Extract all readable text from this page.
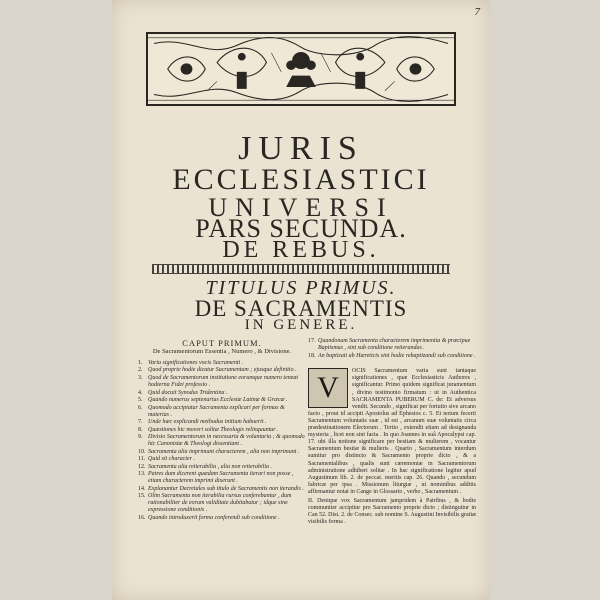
7
JURIS
ECCLESIASTICI
UNIVERSI
PARS SECUNDA.
DE REBUS.
TITULUS PRIMUS.
DE SACRAMENTIS
IN GENERE.
CAPUT PRIMUM.
De Sacramentorum Essentia , Numero , & Divisione.
1. Varia significationes vocis Sacramenti .
2. Quod proprie hodie dicatur Sacramentum ; ejusque definitio .
3. Quod de Sacramentorum institutione eorumque numero teneat hodierna Fidei professio .
4. Quid docuit Synodus Tridentina .
5. Quando numerus septenarius Ecclesiæ Latinæ & Græcæ .
6. Quomodo accipiatur Sacramenta explicari per formas & materias .
7. Unde hæc explicandi methodus initium habuerit .
8. Quæstiones hic moveri solitæ Theologis relinquuntur .
9. Divisio Sacramentorum in necessaria & voluntaria ; & quomodo hic Canonistæ & Theologi dissentiant .
10. Sacramenta alia imprimunt characterem , alia non imprimunt .
11. Quid sit character .
12. Sacramenta alia reiterabilia , alia non reiterabilia .
13. Patres dum dicerent quædam Sacramenta iterari non posse , etiam characterem imprimi dixerunt .
14. Explanantur Decretales sub titulo de Sacramentis non iterandis .
15. Olim Sacramenta non iterabilia rursus conferebantur , dum rationabiliter de eorum validitate dubitabatur ; idque sine expressione conditionis .
16. Quando introduxerit forma conferendi sub conditione .
17. Quandonam Sacramenta characterem imprimentia & præcipue Baptismus , sint sub conditione reiterandas .
18. An baptizati ab Hæreticis sint hodie rebaptizandi sub conditione .
V	OCIS Sacramentum varia sunt tantaque significationes , quæ Ecclesiasticis Authores , significantur. Primo quidem significat juramentum , divino testimonio firmatum : ut in Authentica SACRAMENTA PUBERUM C. de: Et adversus vendit. Secundo , significat per fortuito sive arcano facto , prout id accipit Apostolus ad Ephesios c. 5. Et notum fecerit Sacramentum voluntatis suæ , id est , arcanum suæ voluntatis circa prædestinationem Electorum . Tertio , extendit etiam ad designanda mysteria , licet non sint facta . In quo Joannes in suâ Apocalypsi cap. 17. ubi illa notione significare per bestiam & mulierem , vocantur Sacramentum bestiæ & mulieris . Quarto , Sacramentum interdum sumitur pro distincto & Sacramento proprie dicto , & a Sacramentalibus , qualis sunt cæremoniæ in Sacramentorum administratione adhiberi solitæ . In hac significatione legitur apud Augustinum lib. 2. de peccat. meritis cap. 26. Quando , secundum fabricæ per ipsa . Missionum liturgiæ , ut nominibus additis affirmantur notat in Cange in Glossario , verbo , Sacramentum .
II. Denique vox Sacramentum jampridem à Patribus , & hodie communiter accipitur pro Sacramento proprie dicto ; distinguitur in Can 52. Dist. 2. de Consec. sub nomine S. Augustini Invisibilis gratiæ visibilis forma .
